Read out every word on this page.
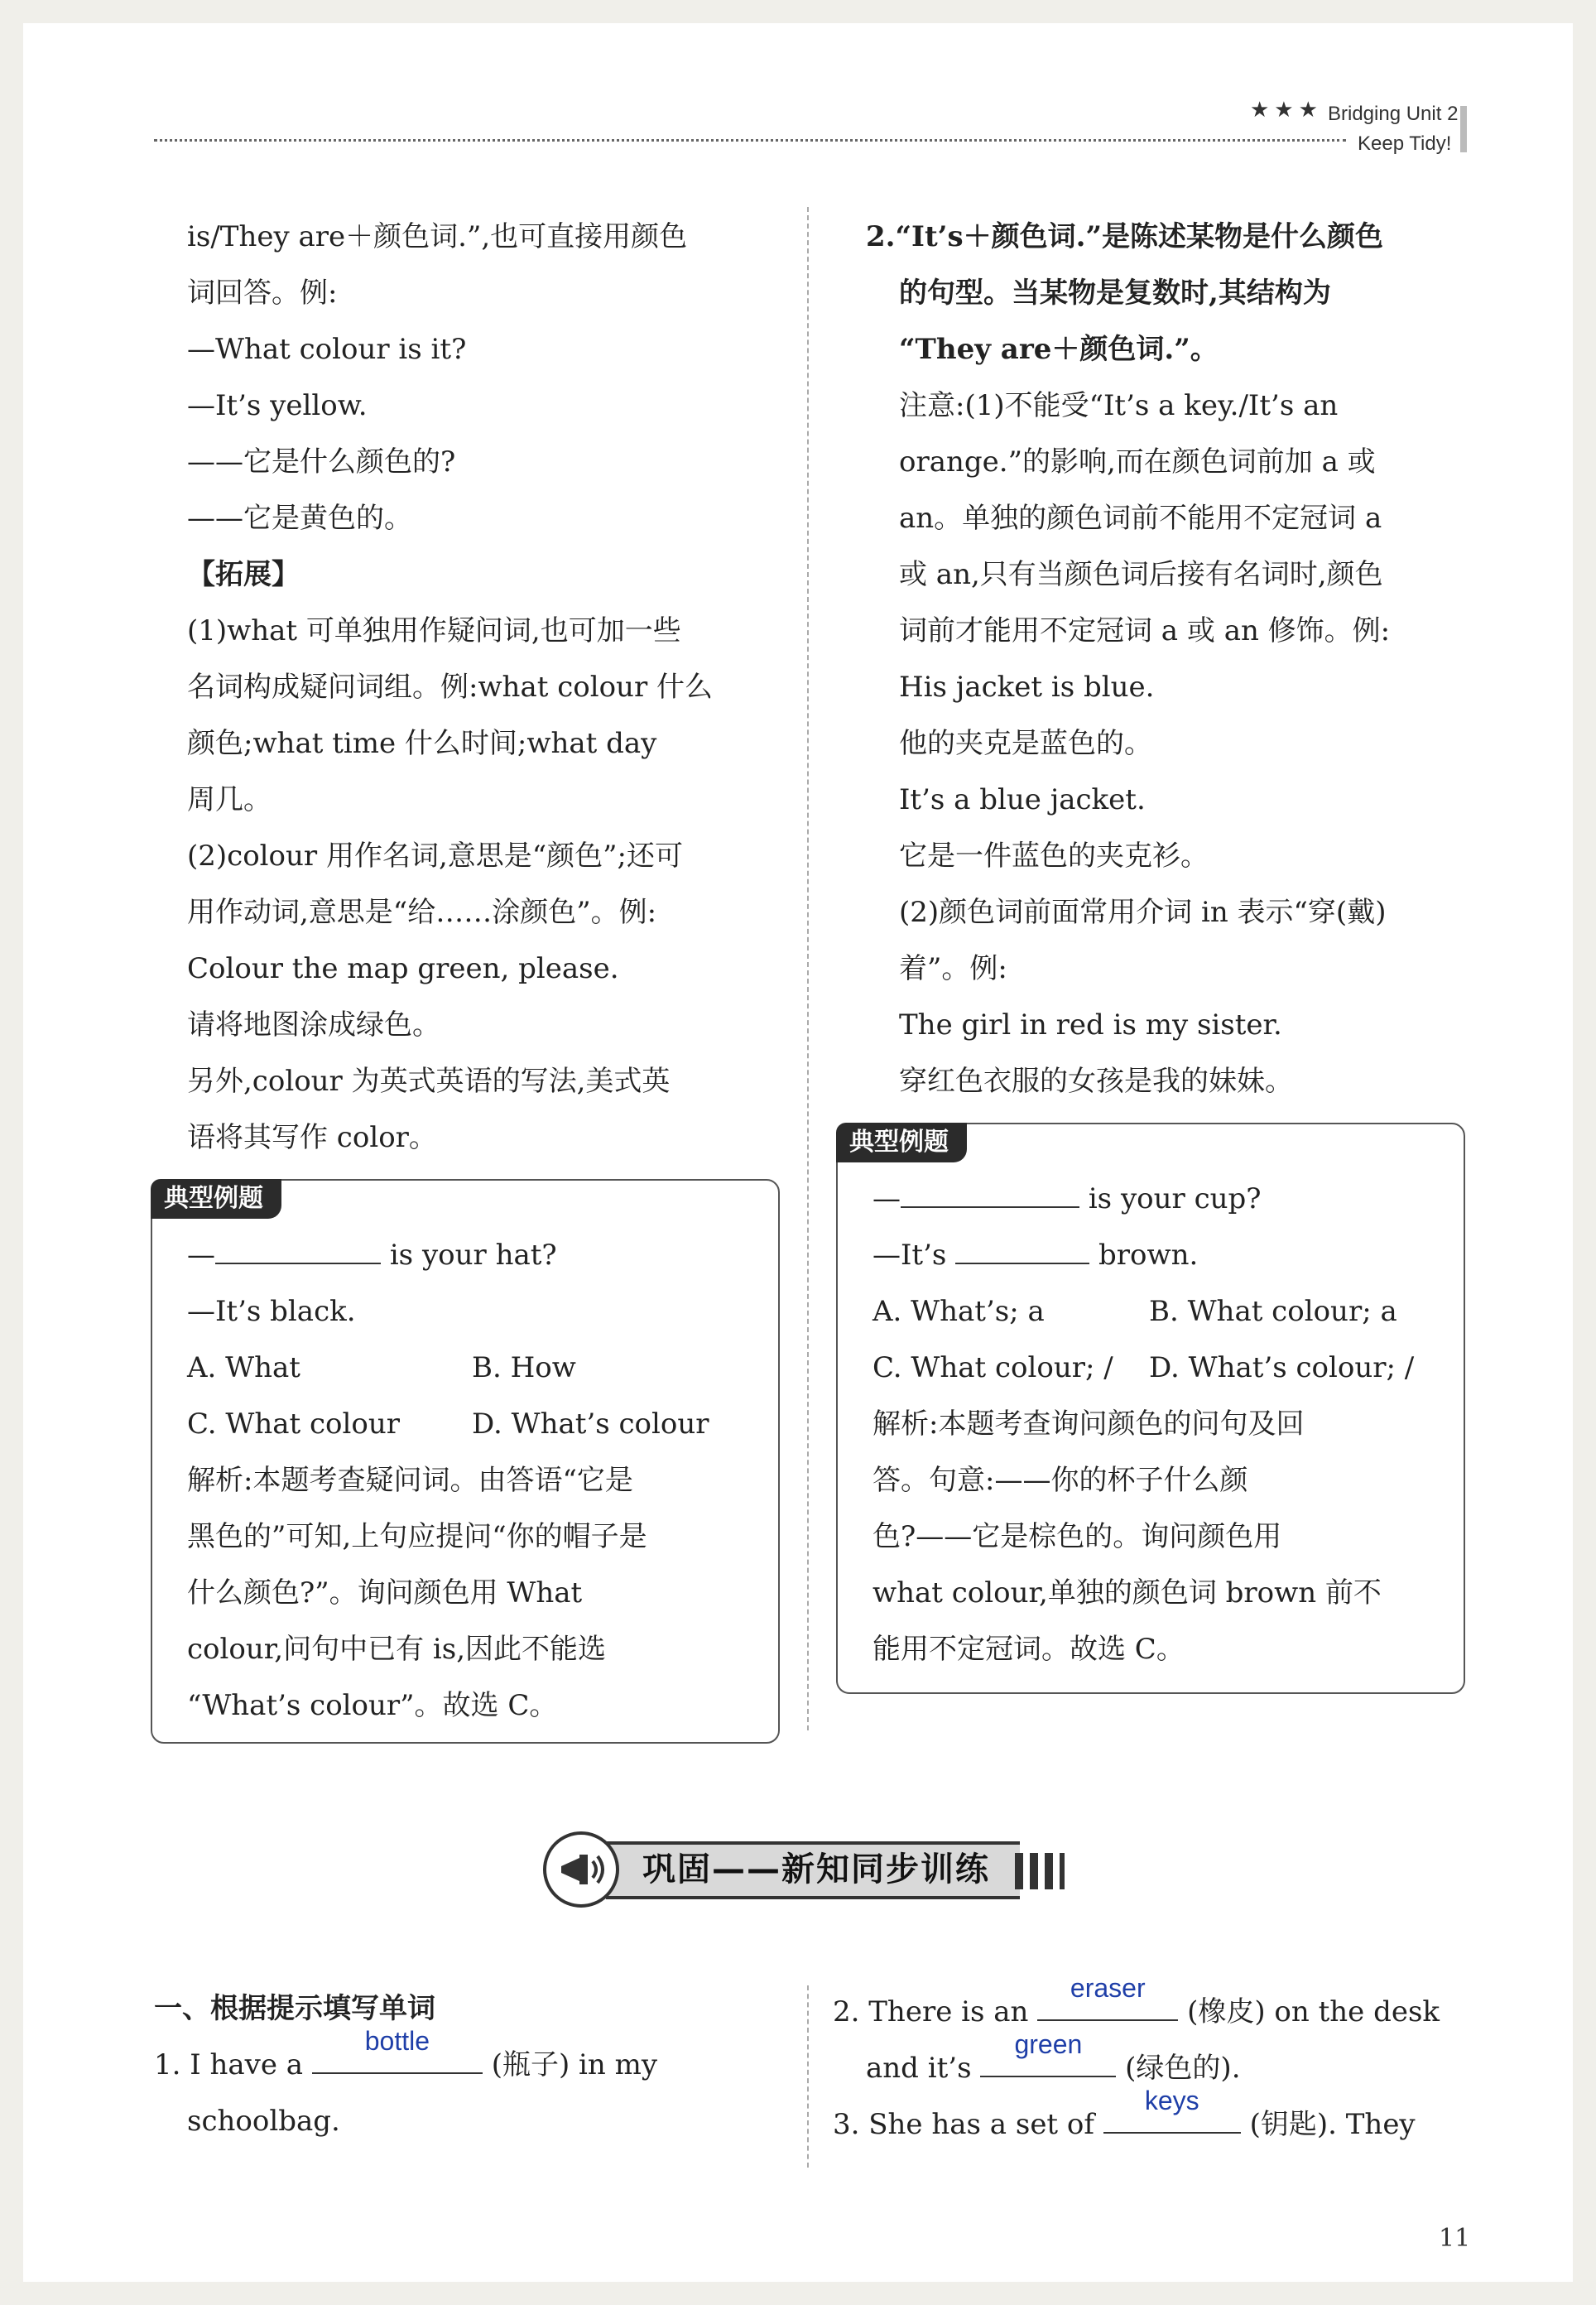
★★★ Bridging Unit 2
Keep Tidy!
is/They are＋颜色词.”,也可直接用颜色
词回答。例:
—What colour is it?
—It’s yellow.
——它是什么颜色的?
——它是黄色的。
【拓展】
(1)what 可单独用作疑问词,也可加一些
名词构成疑问词组。例:what colour 什么
颜色;what time 什么时间;what day
周几。
(2)colour 用作名词,意思是“颜色”;还可
用作动词,意思是“给……涂颜色”。例:
Colour the map green, please.
请将地图涂成绿色。
另外,colour 为英式英语的写法,美式英
语将其写作 color。
典型例题
—	is your hat?
—It’s black.
A. What	B. How
C. What colour	D. What’s colour
解析:本题考查疑问词。由答语“它是
黑色的”可知,上句应提问“你的帽子是
什么颜色?”。询问颜色用 What
colour,问句中已有 is,因此不能选
“What’s colour”。故选 C。
2.“It’s＋颜色词.”是陈述某物是什么颜色
的句型。当某物是复数时,其结构为
“They are＋颜色词.”。
注意:(1)不能受“It’s a key./It’s an
orange.”的影响,而在颜色词前加 a 或
an。单独的颜色词前不能用不定冠词 a
或 an,只有当颜色词后接有名词时,颜色
词前才能用不定冠词 a 或 an 修饰。例:
His jacket is blue.
他的夹克是蓝色的。
It’s a blue jacket.
它是一件蓝色的夹克衫。
(2)颜色词前面常用介词 in 表示“穿(戴)
着”。例:
The girl in red is my sister.
穿红色衣服的女孩是我的妹妹。
典型例题
—	is your cup?
—It’s	brown.
A. What’s; a	B. What colour; a
C. What colour; / D. What’s colour; /
解析:本题考查询问颜色的问句及回
答。句意:——你的杯子什么颜
色?——它是棕色的。询问颜色用
what colour,单独的颜色词 brown 前不
能用不定冠词。故选 C。
巩固——新知同步训练
一、根据提示填写单词
1. I have a
bottle
(瓶子) in my
schoolbag.
2. There is an
eraser
(橡皮) on the desk
and it’s
green
(绿色的).
3. She has a set of
keys
(钥匙). They
11
